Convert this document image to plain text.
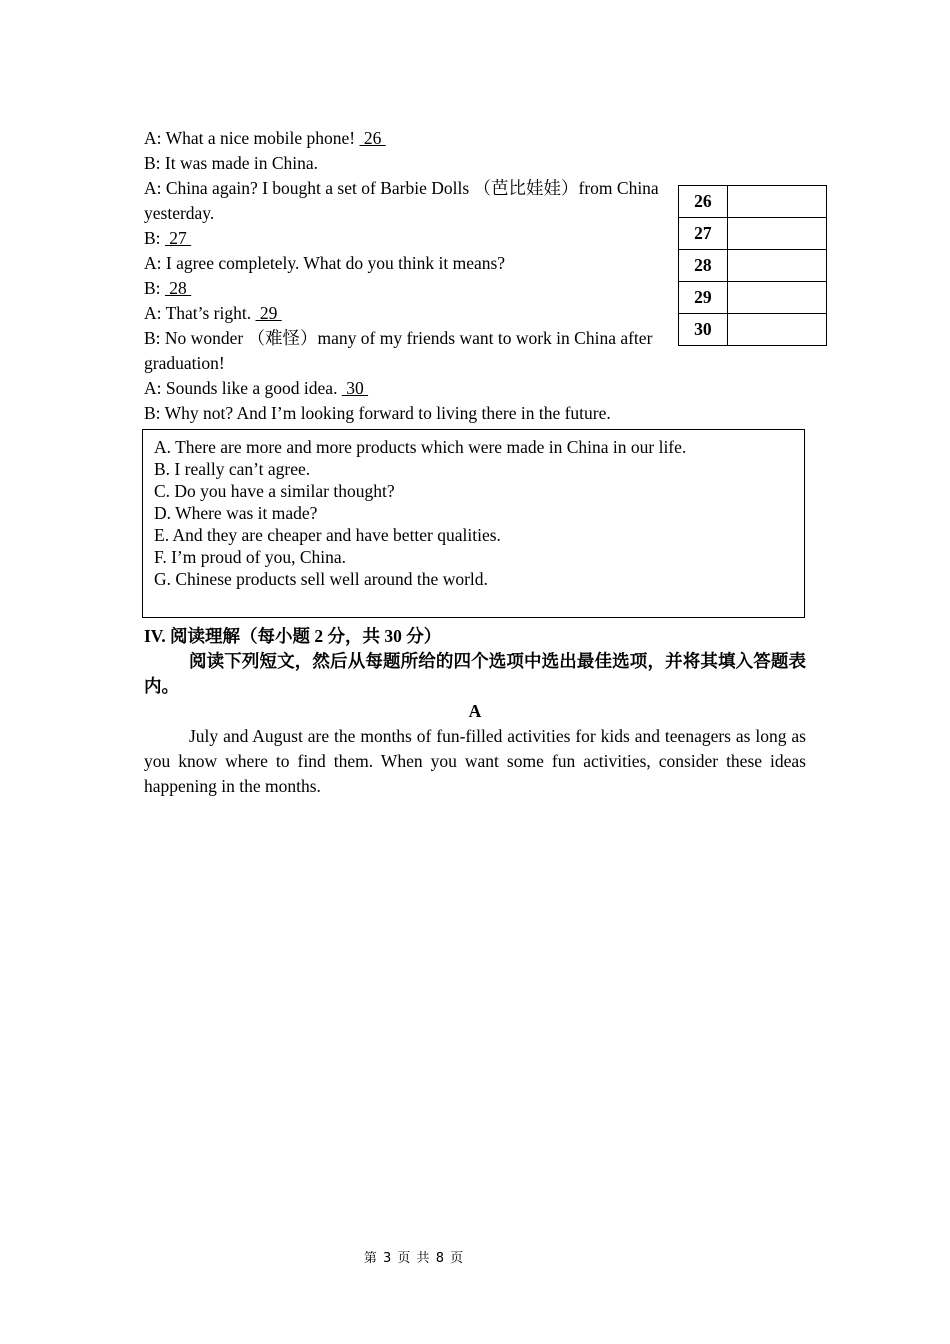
A: What a nice mobile phone!  26

B: It was made in China.

A: China again? I bought a set of Barbie Dolls （芭比娃娃）from China yesterday.

B:  27

A: I agree completely. What do you think it means?

B:  28

A: That’s right.  29

B: No wonder （难怪）many of my friends want to work in China after graduation!

A: Sounds like a good idea.  30

B: Why not? And I’m looking forward to living there in the future.

26	
27	
28	
29	
30	
A. There are more and more products which were made in China in our life.
B. I really can’t agree.
C. Do you have a similar thought?
D. Where was it made?
E. And they are cheaper and have better qualities.
F. I’m proud of you, China.
G. Chinese products sell well around the world.
IV. 阅读理解（每小题 2 分，共 30 分）
阅读下列短文，然后从每题所给的四个选项中选出最佳选项，并将其填入答题表内。
A

July and August are the months of fun-filled activities for kids and teenagers as long as you know where to find them. When you want some fun activities, consider these ideas happening in the months.

第 3 页 共 8 页
